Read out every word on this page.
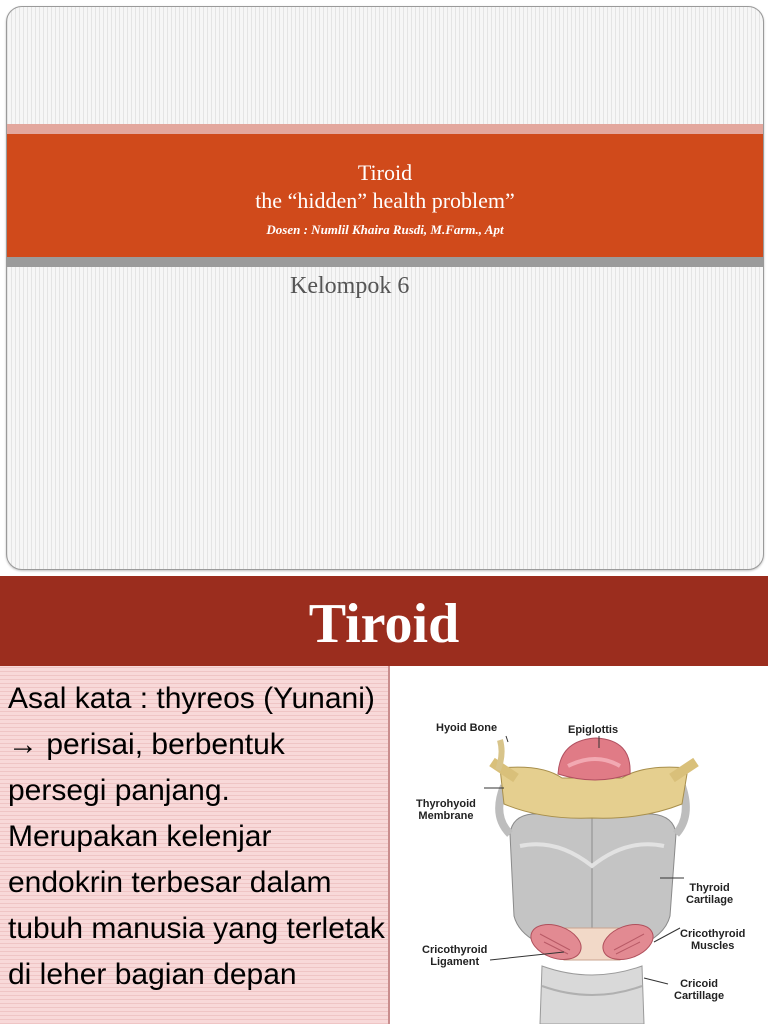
Tiroid
the “hidden” health problem”
Dosen : Numlil Khaira Rusdi, M.Farm., Apt
Kelompok 6
Tiroid

Asal kata : thyreos (Yunani) → perisai, berbentuk persegi panjang. Merupakan kelenjar endokrin terbesar dalam tubuh manusia yang terletak di leher bagian depan

Hyoid Bone	Epiglottis
Thyrohyoid
Membrane
Thyroid
Cartilage
Cricothyroid
Ligament
Cricothyroid
Muscles
Cricoid
Cartillage
